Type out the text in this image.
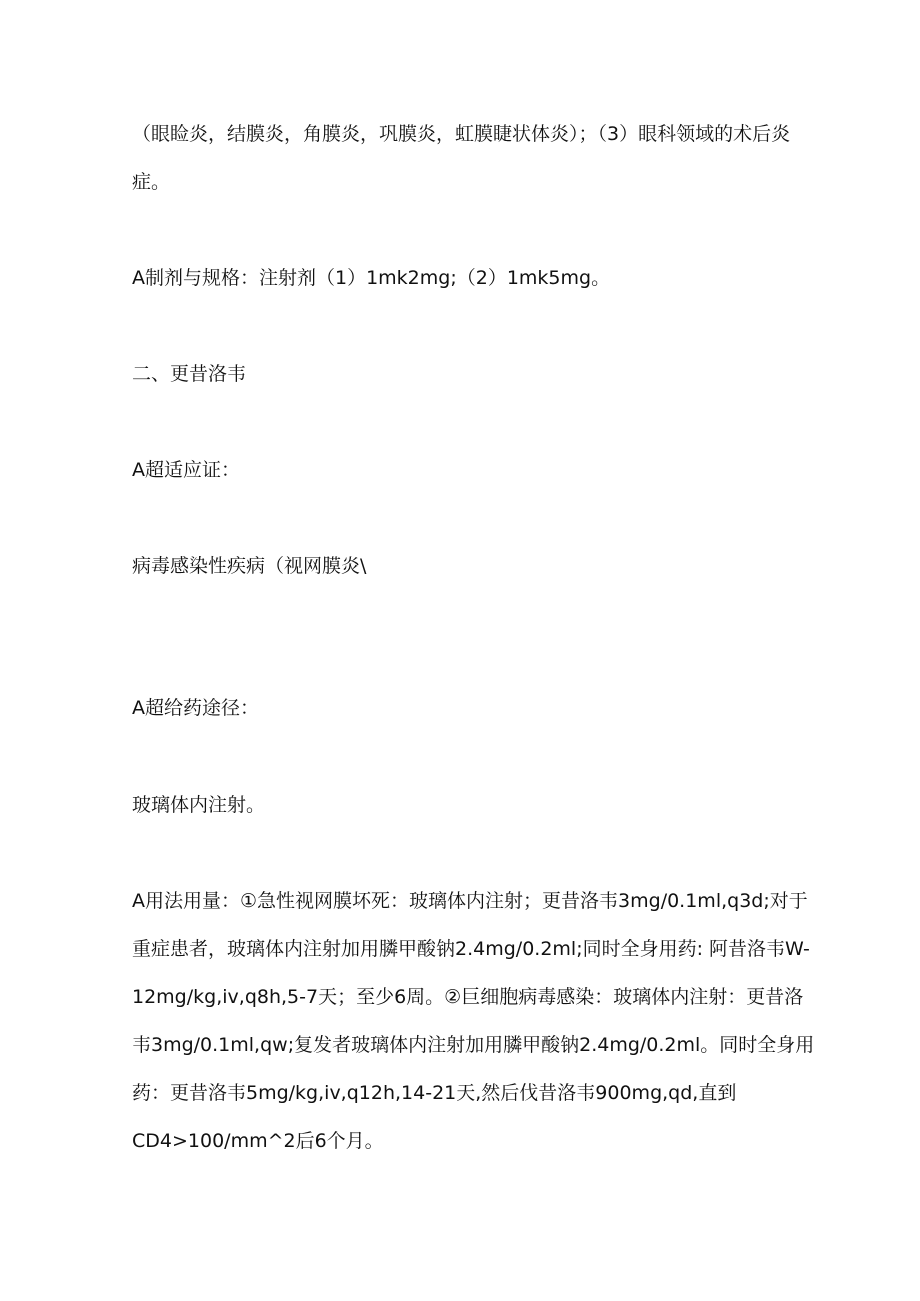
（眼睑炎，结膜炎，角膜炎，巩膜炎，虹膜睫状体炎）；（3）眼科领域的术后炎
症。

A制剂与规格：注射剂（1）1mk2mg;（2）1mk5mg。

二、更昔洛韦

A超适应证：

病毒感染性疾病（视网膜炎\

A超给药途径：

玻璃体内注射。

A用法用量：①急性视网膜坏死：玻璃体内注射；更昔洛韦3mg/0.1ml,q3d;对于
重症患者，玻璃体内注射加用膦甲酸钠2.4mg/0.2ml;同时全身用药: 阿昔洛韦W-
12mg/kg,iv,q8h,5-7天；至少6周。②巨细胞病毒感染：玻璃体内注射：更昔洛
韦3mg/0.1ml,qw;复发者玻璃体内注射加用膦甲酸钠2.4mg/0.2ml。同时全身用
药：更昔洛韦5mg/kg,iv,q12h,14-21天,然后伐昔洛韦900mg,qd,直到
CD4>100/mm^2后6个月。
